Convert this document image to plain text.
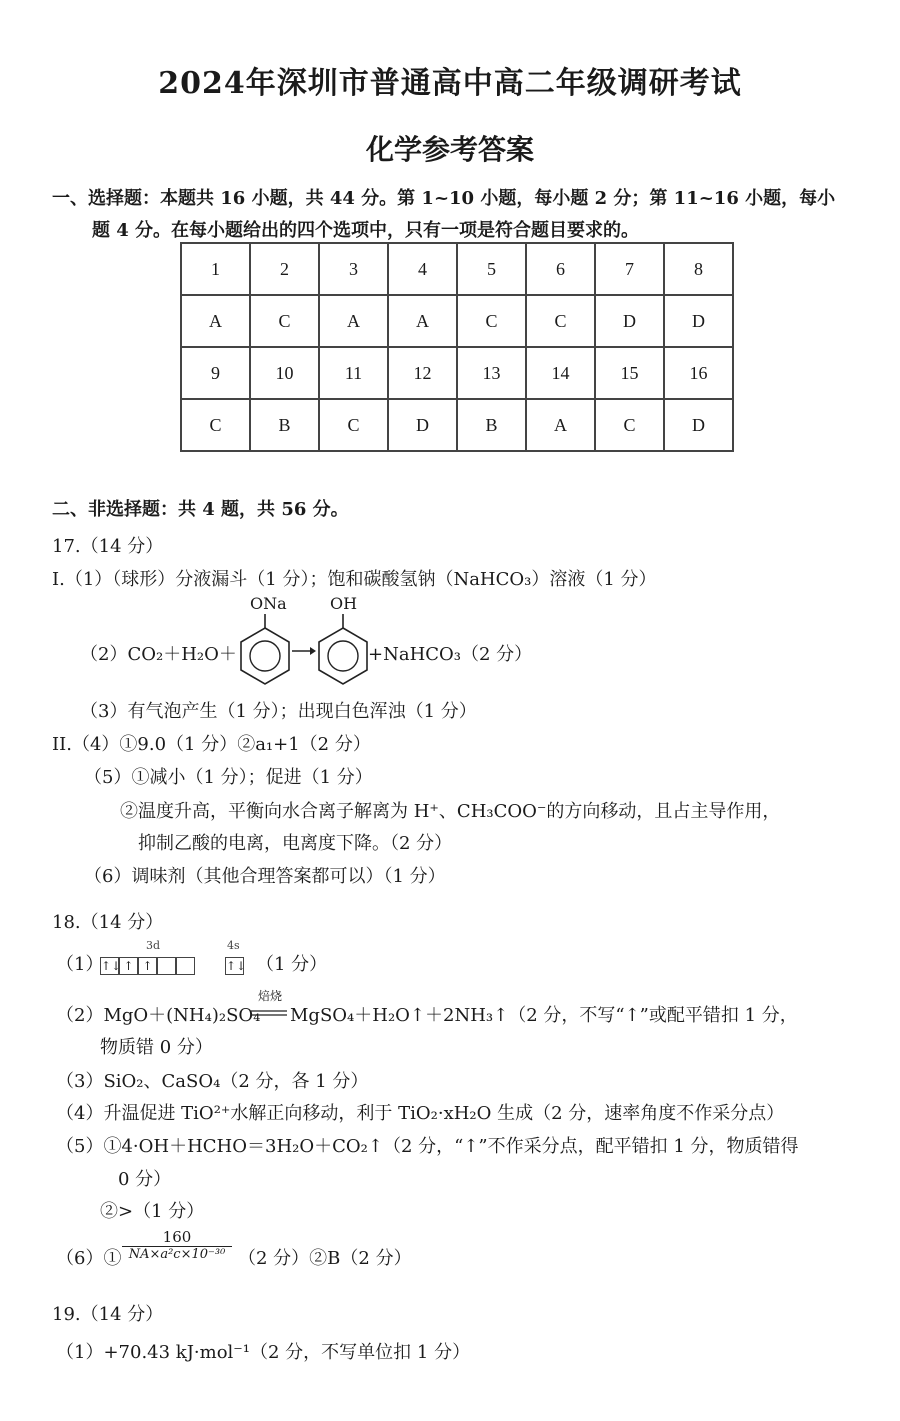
2024年深圳市普通高中高二年级调研考试
化学参考答案
一、选择题：本题共 16 小题，共 44 分。第 1~10 小题，每小题 2 分；第 11~16 小题，每小
题 4 分。在每小题给出的四个选项中，只有一项是符合题目要求的。
1	2	3	4	5	6	7	8
A	C	A	A	C	C	D	D
9	10	11	12	13	14	15	16
C	B	C	D	B	A	C	D
二、非选择题：共 4 题，共 56 分。
17.（14 分）
I.（1）（球形）分液漏斗（1 分）；饱和碳酸氢钠（NaHCO₃）溶液（1 分）
ONa	OH
（2）CO₂＋H₂O＋	+NaHCO₃（2 分）
（3）有气泡产生（1 分）；出现白色浑浊（1 分）
II.（4）①9.0（1 分）②a₁+1（2 分）
（5）①减小（1 分）；促进（1 分）
②温度升高，平衡向水合离子解离为 H⁺、CH₃COO⁻的方向移动，且占主导作用，
抑制乙酸的电离，电离度下降。（2 分）
（6）调味剂（其他合理答案都可以）（1 分）
18.（14 分）
（1）
3d	4s
↑↓ ↑ ↑	↑↓ （1 分）
（2）MgO＋(NH₄)₂SO₄
焙烧
MgSO₄＋H₂O↑＋2NH₃↑（2 分，不写“↑”或配平错扣 1 分，
物质错 0 分）
（3）SiO₂、CaSO₄（2 分，各 1 分）
（4）升温促进 TiO²⁺水解正向移动，利于 TiO₂·xH₂O 生成（2 分，速率角度不作采分点）
（5）①4·OH＋HCHO＝3H₂O＋CO₂↑（2 分，“↑”不作采分点，配平错扣 1 分，物质错得
0 分）
②>（1 分）
（6）① $\frac{160}{\text{NA×a²c×10⁻³⁰}} (2$ 分）②B（2 分）
19.（14 分）
（1）+70.43 kJ·mol⁻¹（2 分，不写单位扣 1 分）
